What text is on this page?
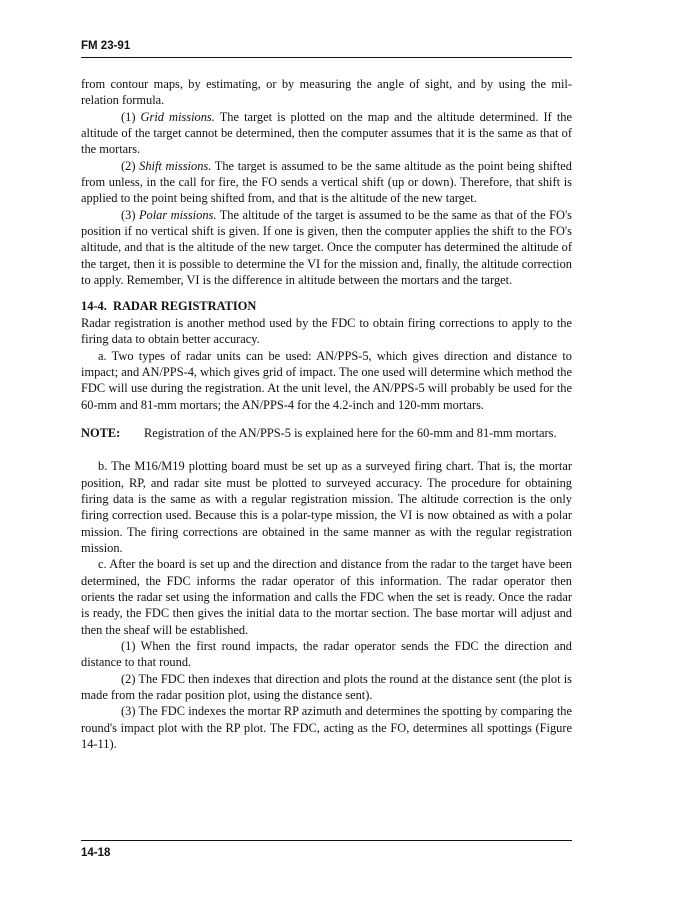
FM 23-91

from contour maps, by estimating, or by measuring the angle of sight, and by using the mil-relation formula.

(1) Grid missions. The target is plotted on the map and the altitude determined. If the altitude of the target cannot be determined, then the computer assumes that it is the same as that of the mortars.

(2) Shift missions. The target is assumed to be the same altitude as the point being shifted from unless, in the call for fire, the FO sends a vertical shift (up or down). Therefore, that shift is applied to the point being shifted from, and that is the altitude of the new target.

(3) Polar missions. The altitude of the target is assumed to be the same as that of the FO's position if no vertical shift is given. If one is given, then the computer applies the shift to the FO's altitude, and that is the altitude of the new target. Once the computer has determined the altitude of the target, then it is possible to determine the VI for the mission and, finally, the altitude correction to apply. Remember, VI is the difference in altitude between the mortars and the target.

14-4.  RADAR REGISTRATION

Radar registration is another method used by the FDC to obtain firing corrections to apply to the firing data to obtain better accuracy.

a. Two types of radar units can be used: AN/PPS-5, which gives direction and distance to impact; and AN/PPS-4, which gives grid of impact. The one used will determine which method the FDC will use during the registration. At the unit level, the AN/PPS-5 will probably be used for the 60-mm and 81-mm mortars; the AN/PPS-4 for the 4.2-inch and 120-mm mortars.

NOTE:	Registration of the AN/PPS-5 is explained here for the 60-mm and 81-mm mortars.

b. The M16/M19 plotting board must be set up as a surveyed firing chart. That is, the mortar position, RP, and radar site must be plotted to surveyed accuracy. The procedure for obtaining firing data is the same as with a regular registration mission. The altitude correction is the only firing correction used. Because this is a polar-type mission, the VI is now obtained as with a polar mission. The firing corrections are obtained in the same manner as with the regular registration mission.

c. After the board is set up and the direction and distance from the radar to the target have been determined, the FDC informs the radar operator of this information. The radar operator then orients the radar set using the information and calls the FDC when the set is ready. Once the radar is ready, the FDC then gives the initial data to the mortar section. The base mortar will adjust and then the sheaf will be established.

(1) When the first round impacts, the radar operator sends the FDC the direction and distance to that round.

(2) The FDC then indexes that direction and plots the round at the distance sent (the plot is made from the radar position plot, using the distance sent).

(3) The FDC indexes the mortar RP azimuth and determines the spotting by comparing the round's impact plot with the RP plot. The FDC, acting as the FO, determines all spottings (Figure 14-11).

14-18
